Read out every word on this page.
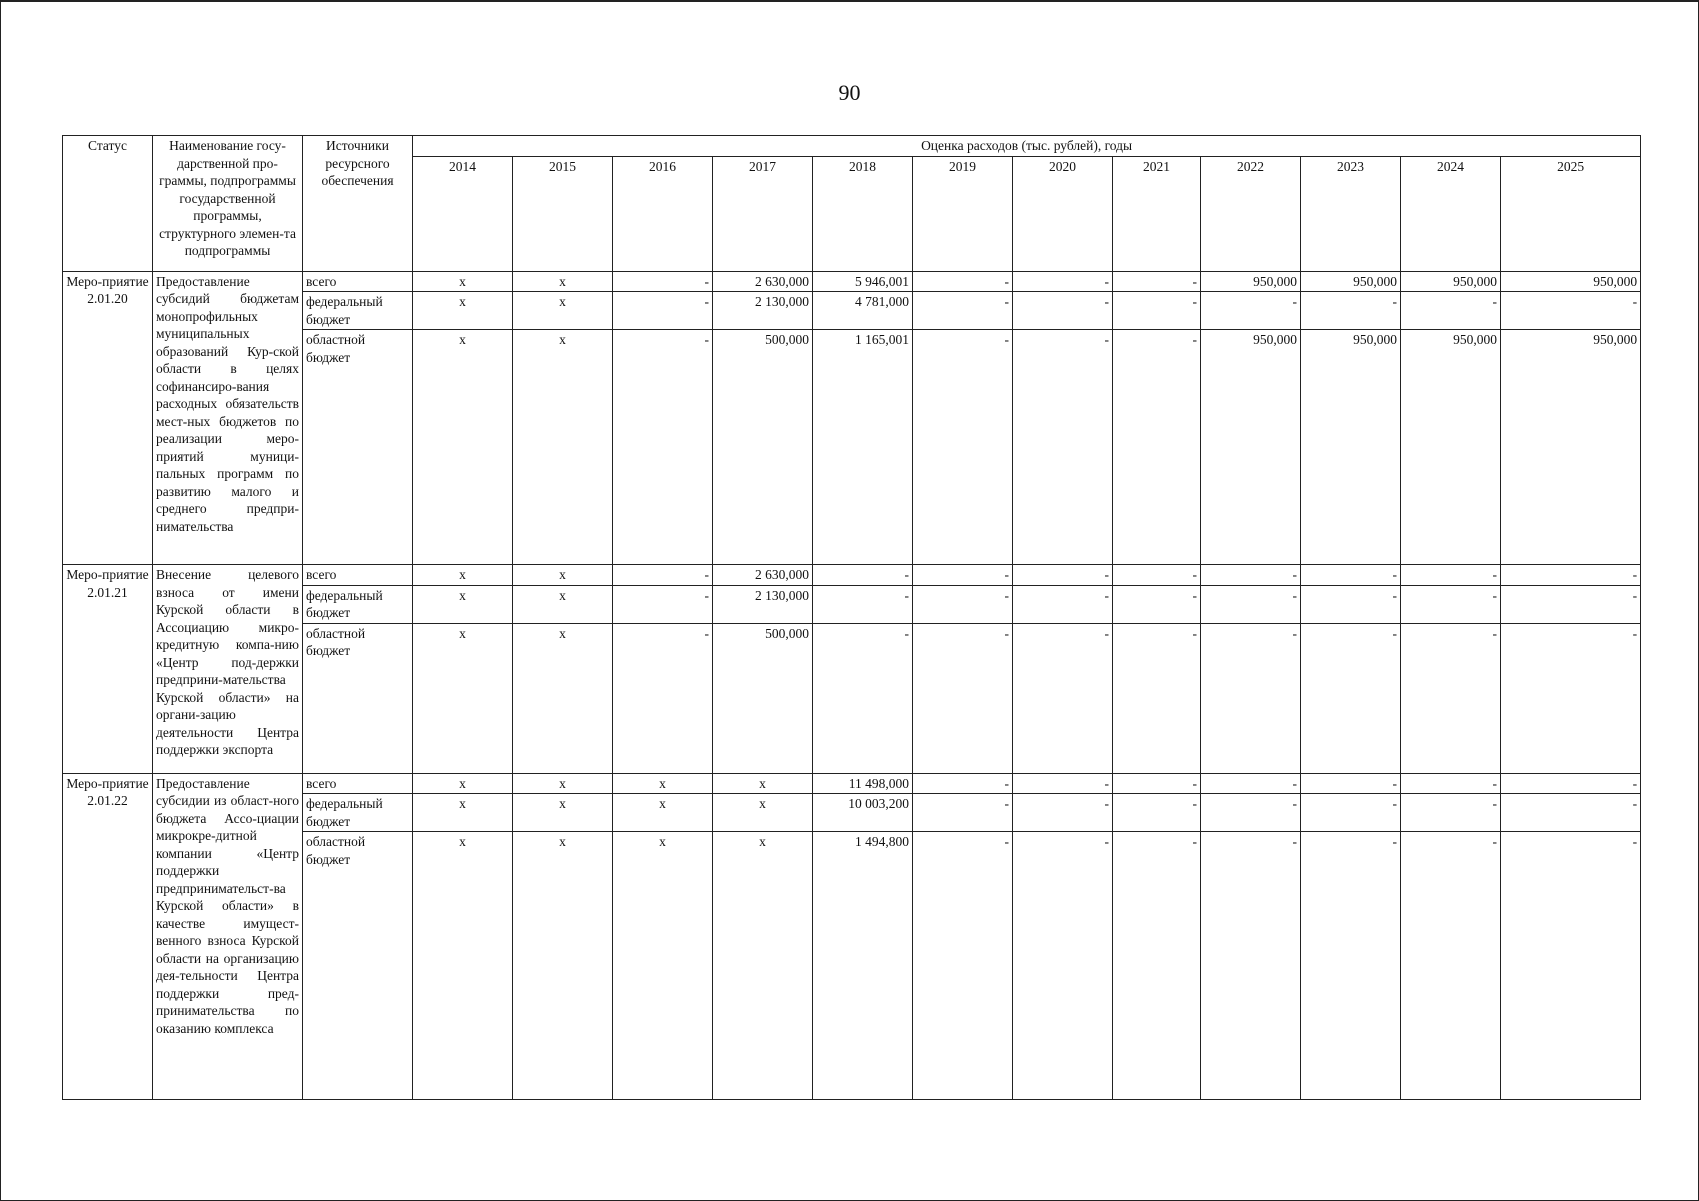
90
Статус	Наименование госу-дарственной про-граммы, подпрограммы государственной программы, структурного элемен-та подпрограммы	Источники ресурсного обеспечения	Оценка расходов (тыс. рублей), годы											
			2014	2015	2016	2017	2018	2019	2020	2021	2022	2023	2024	2025
Меро-приятие 2.01.20	Предоставление субсидий бюджетам монопрофильных муниципальных образований Кур-ской области в целях софинансиро-вания расходных обязательств мест-ных бюджетов по реализации меро-приятий муници-пальных программ по развитию малого и среднего предпри-нимательства	всего	x	x	-	2 630,000	5 946,001	-	-	-	950,000	950,000	950,000	950,000
		федеральный бюджет	x	x	-	2 130,000	4 781,000	-	-	-	-	-	-	-
		областной бюджет	x	x	-	500,000	1 165,001	-	-	-	950,000	950,000	950,000	950,000
Меро-приятие 2.01.21	Внесение целевого взноса от имени Курской области в Ассоциацию микро-кредитную компа-нию «Центр под-держки предприни-мательства Курской области» на органи-зацию деятельности Центра поддержки экспорта	всего	x	x	-	2 630,000	-	-	-	-	-	-	-	-
		федеральный бюджет	x	x	-	2 130,000	-	-	-	-	-	-	-	-
		областной бюджет	x	x	-	500,000	-	-	-	-	-	-	-	-
Меро-приятие 2.01.22	Предоставление субсидии из област-ного бюджета Ассо-циации микрокре-дитной компании «Центр поддержки предпринимательст-ва Курской области» в качестве имущест-венного взноса Курской области на организацию дея-тельности Центра поддержки пред-принимательства по оказанию комплекса	всего	x	x	x	x	11 498,000	-	-	-	-	-	-	-
		федеральный бюджет	x	x	x	x	10 003,200	-	-	-	-	-	-	-
		областной бюджет	x	x	x	x	1 494,800	-	-	-	-	-	-	-
